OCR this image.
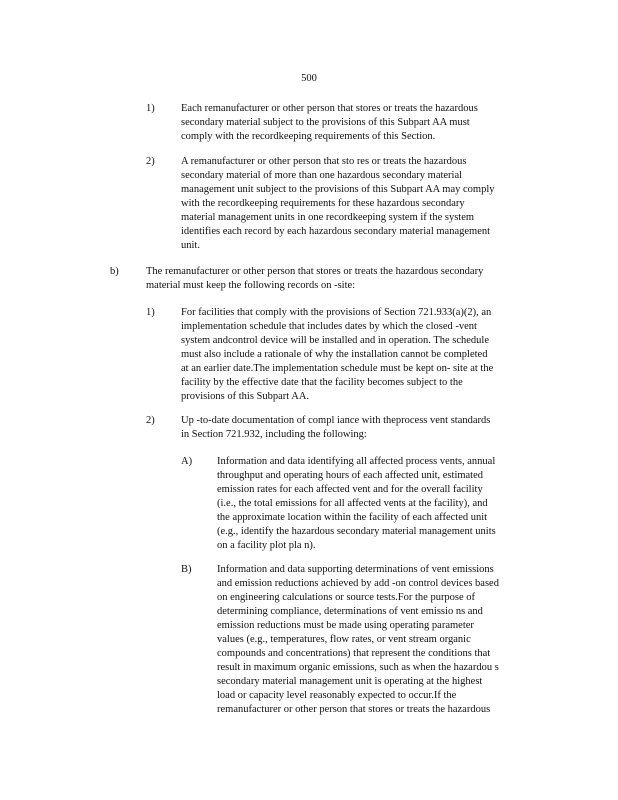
500
1)	Each remanufacturer or other person that stores or treats the hazardous
secondary material subject to the provisions of this Subpart AA must
comply with the recordkeeping requirements of this Section.
2)	A remanufacturer or other person that sto res or treats the hazardous
secondary material of more than one hazardous secondary material
management unit subject to the provisions of this Subpart AA may comply
with the recordkeeping requirements for these hazardous secondary
material management units in one recordkeeping system if the system
identifies each record by each hazardous secondary material management
unit.
b)	The remanufacturer or other person that stores or treats the hazardous secondary
material must keep the following records on -site:
1)	For facilities that comply with the provisions of Section 721.933(a)(2), an
implementation schedule that includes dates by which the closed -vent
system andcontrol device will be installed and in operation. The schedule
must also include a rationale of why the installation cannot be completed
at an earlier date.The implementation schedule must be kept on- site at the
facility by the effective date that the facility becomes subject to the
provisions of this Subpart AA.
2)	Up -to-date documentation of compl iance with theprocess vent standards
in Section 721.932, including the following:
A) Information and data identifying all affected process vents, annual
throughput and operating hours of each affected unit, estimated
emission rates for each affected vent and for the overall facility
(i.e., the total emissions for all affected vents at the facility), and
the approximate location within the facility of each affected unit
(e.g., identify the hazardous secondary material management units
on a facility plot pla n).
B) Information and data supporting determinations of vent emissions
and emission reductions achieved by add -on control devices based
on engineering calculations or source tests.For the purpose of
determining compliance, determinations of vent emissio ns and
emission reductions must be made using operating parameter
values (e.g., temperatures, flow rates, or vent stream organic
compounds and concentrations) that represent the conditions that
result in maximum organic emissions, such as when the hazardou s
secondary material management unit is operating at the highest
load or capacity level reasonably expected to occur.If the
remanufacturer or other person that stores or treats the hazardous
